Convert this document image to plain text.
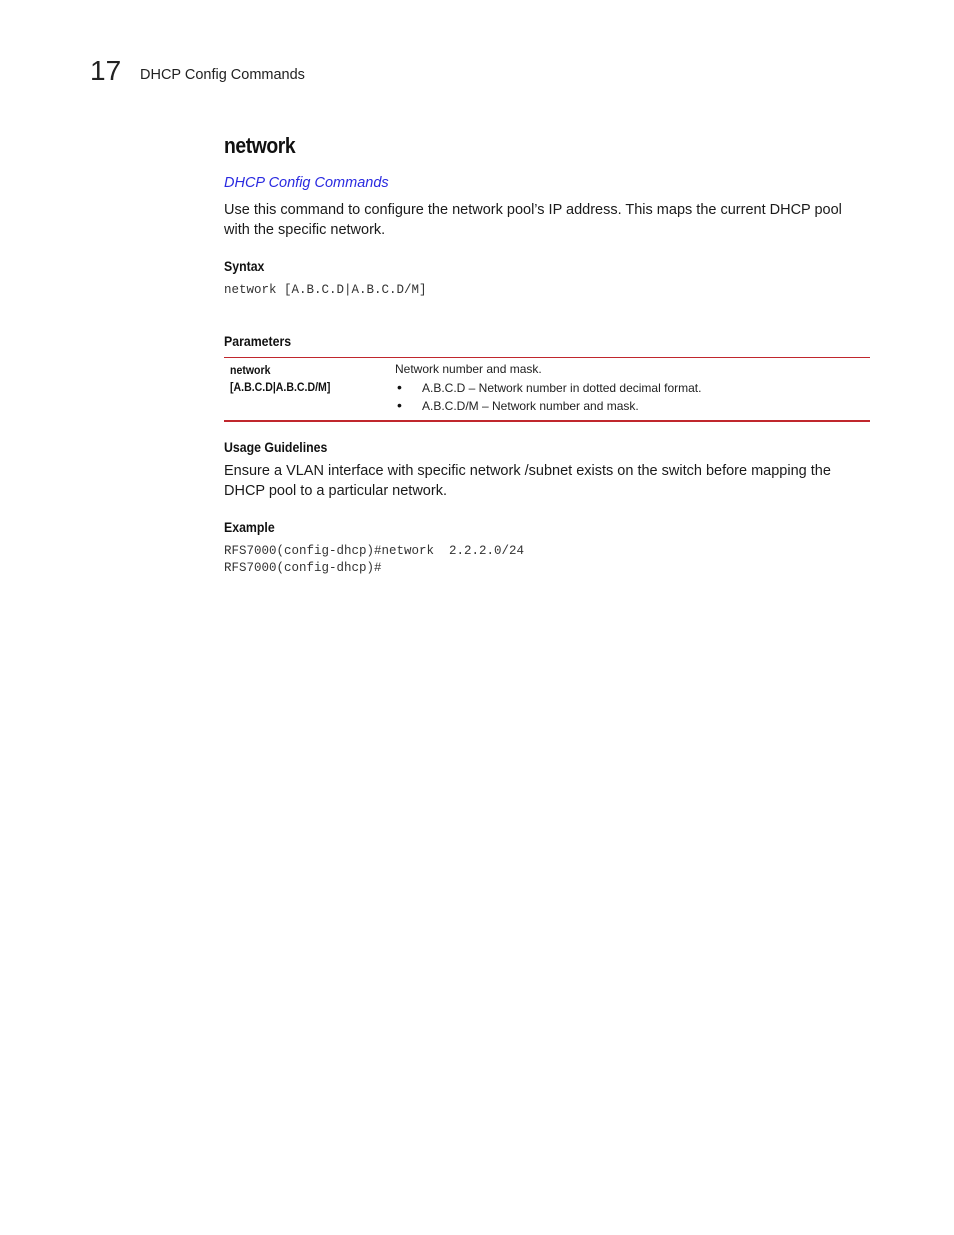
17 DHCP Config Commands
network
DHCP Config Commands
Use this command to configure the network pool’s IP address. This maps the current DHCP pool with the specific network.
Syntax
network [A.B.C.D|A.B.C.D/M]
Parameters
network
[A.B.C.D|A.B.C.D/M]
Network number and mask.
• A.B.C.D – Network number in dotted decimal format.
• A.B.C.D/M – Network number and mask.
Usage Guidelines
Ensure a VLAN interface with specific network /subnet exists on the switch before mapping the DHCP pool to a particular network.
Example
RFS7000(config-dhcp)#network  2.2.2.0/24
RFS7000(config-dhcp)#
